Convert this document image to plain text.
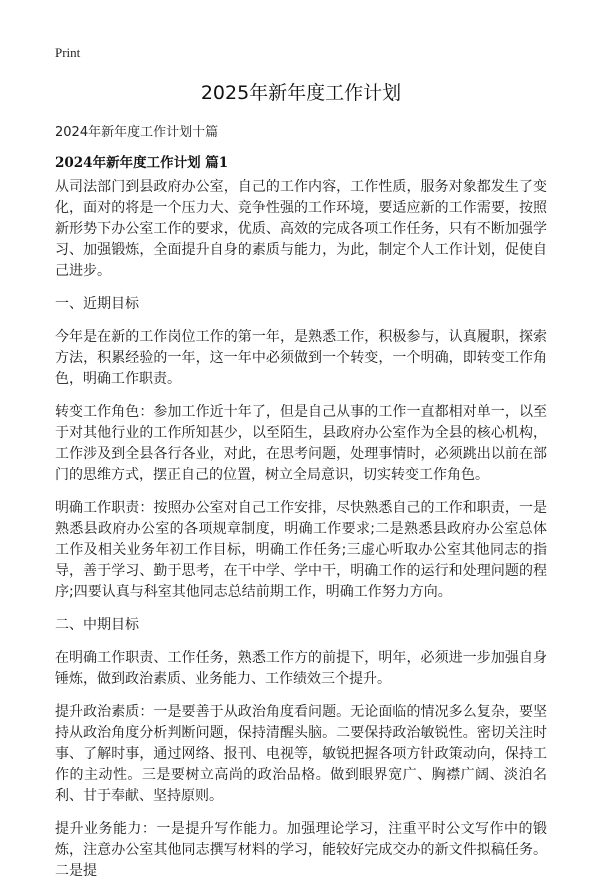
Print
2025年新年度工作计划
2024年新年度工作计划十篇
2024年新年度工作计划 篇1

从司法部门到县政府办公室，自己的工作内容，工作性质，服务对象都发生了变化，面对的将是一个压力大、竞争性强的工作环境，要适应新的工作需要，按照新形势下办公室工作的要求，优质、高效的完成各项工作任务，只有不断加强学习、加强锻炼，全面提升自身的素质与能力，为此，制定个人工作计划，促使自己进步。

一、近期目标

今年是在新的工作岗位工作的第一年，是熟悉工作，积极参与，认真履职，探索方法，积累经验的一年，这一年中必须做到一个转变，一个明确，即转变工作角色，明确工作职责。

转变工作角色：参加工作近十年了，但是自己从事的工作一直都相对单一，以至于对其他行业的工作所知甚少，以至陌生，县政府办公室作为全县的核心机构，工作涉及到全县各行各业，对此，在思考问题，处理事情时，必须跳出以前在部门的思维方式，摆正自己的位置，树立全局意识，切实转变工作角色。

明确工作职责：按照办公室对自己工作安排，尽快熟悉自己的工作和职责，一是熟悉县政府办公室的各项规章制度，明确工作要求;二是熟悉县政府办公室总体工作及相关业务年初工作目标，明确工作任务;三虚心听取办公室其他同志的指导，善于学习、勤于思考，在干中学、学中干，明确工作的运行和处理问题的程序;四要认真与科室其他同志总结前期工作，明确工作努力方向。

二、中期目标

在明确工作职责、工作任务，熟悉工作方的前提下，明年，必须进一步加强自身锤炼，做到政治素质、业务能力、工作绩效三个提升。

提升政治素质：一是要善于从政治角度看问题。无论面临的情况多么复杂，要坚持从政治角度分析判断问题，保持清醒头脑。二要保持政治敏锐性。密切关注时事、了解时事，通过网络、报刊、电视等，敏锐把握各项方针政策动向，保持工作的主动性。三是要树立高尚的政治品格。做到眼界宽广、胸襟广阔、淡泊名利、甘于奉献、坚持原则。

提升业务能力：一是提升写作能力。加强理论学习，注重平时公文写作中的锻炼，注意办公室其他同志撰写材料的学习，能较好完成交办的新文件拟稿任务。二是提
